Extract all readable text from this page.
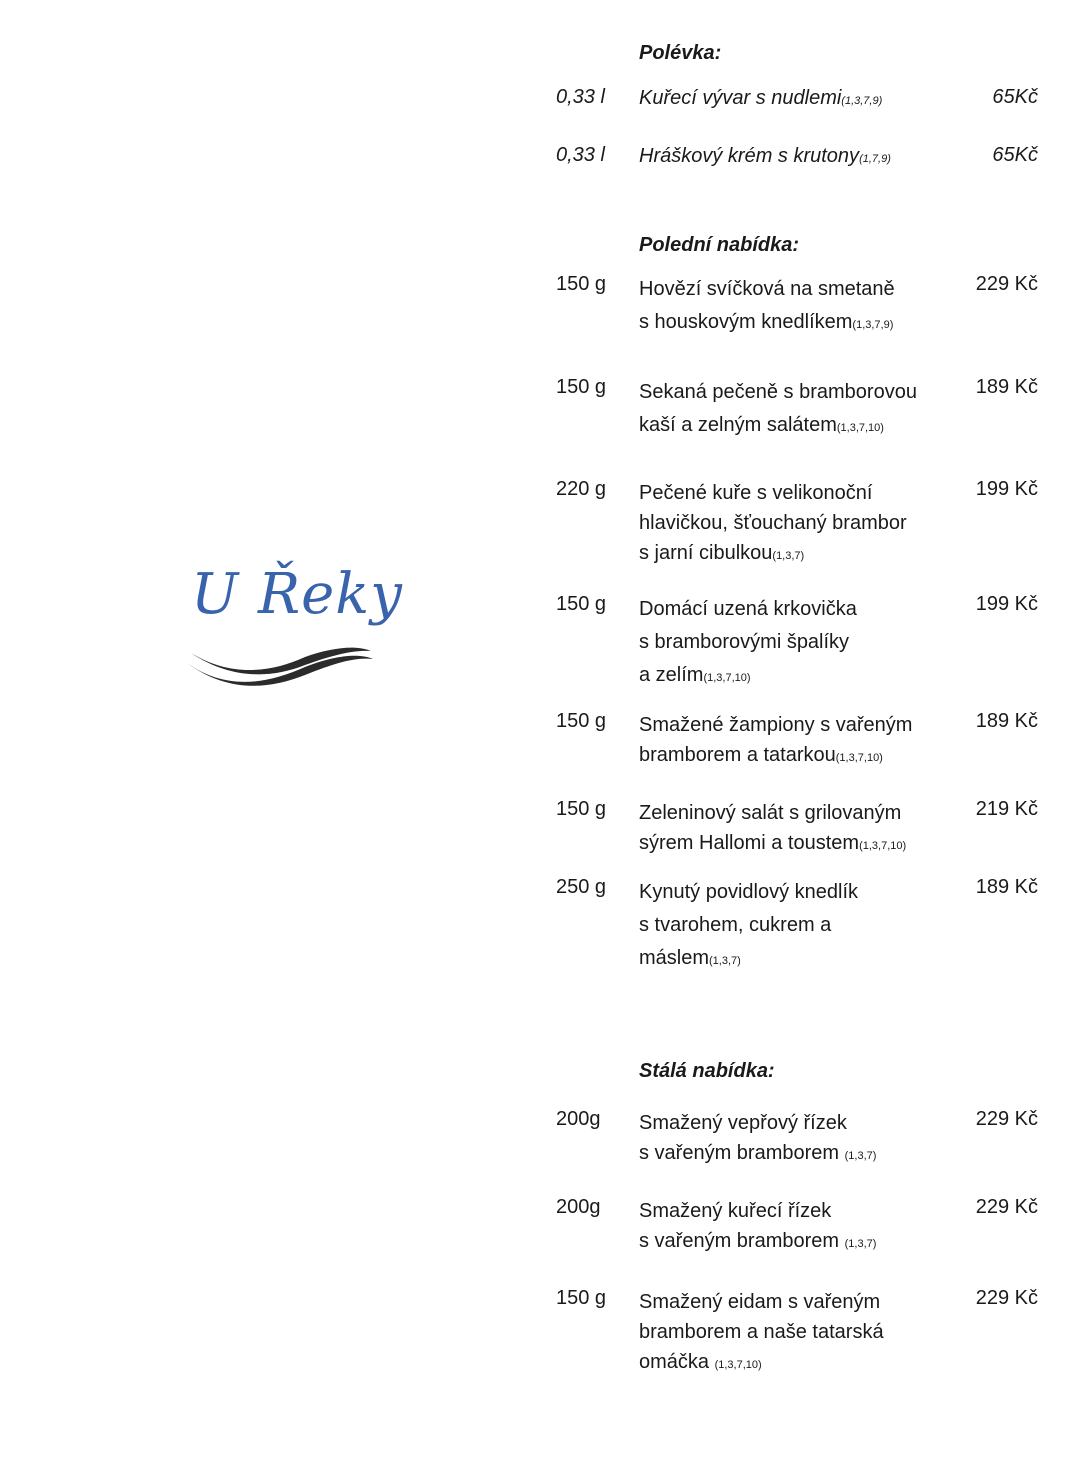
U Řeky
Polévka:
0,33 l Kuřecí vývar s nudlemi(1,3,7,9)	65Kč
0,33 l Hráškový krém s krutony(1,7,9)	65Kč
Polední nabídka:
150 g Hovězí svíčková na smetaně
s houskovým knedlíkem(1,3,7,9)
229 Kč
150 g Sekaná pečeně s bramborovou
kaší a zelným salátem(1,3,7,10)
189 Kč
220 g Pečené kuře s velikonoční
hlavičkou, šťouchaný brambor
s jarní cibulkou(1,3,7)
199 Kč
150 g Domácí uzená krkovička
s bramborovými špalíky
a zelím(1,3,7,10)
199 Kč
150 g Smažené žampiony s vařeným
bramborem a tatarkou(1,3,7,10)
189 Kč
150 g Zeleninový salát s grilovaným
sýrem Hallomi a toustem(1,3,7,10)
219 Kč
250 g Kynutý povidlový knedlík
s tvarohem, cukrem a
máslem(1,3,7)
189 Kč
Stálá nabídka:
200g Smažený vepřový řízek
s vařeným bramborem (1,3,7)
229 Kč
200g Smažený kuřecí řízek
s vařeným bramborem (1,3,7)
229 Kč
150 g Smažený eidam s vařeným
bramborem a naše tatarská
omáčka (1,3,7,10)
229 Kč
